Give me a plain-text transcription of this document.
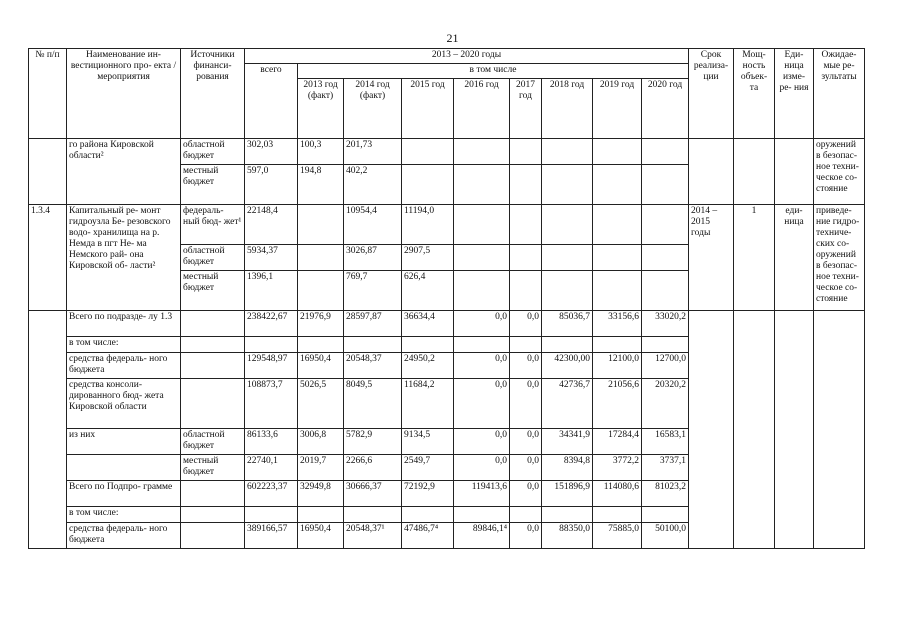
21
№ п/п	Наименование ин- вестиционного про- екта / мероприятия	Источники финанси- рования	2013 – 2020 годы									Срок реализа- ции	Мощ- ность объек- та	Еди- ница изме- ре- ния	Ожидае- мые ре- зультаты
			всего	в том числе											
				2013 год (факт)	2014 год (факт)	2015 год	2016 год	2017 год	2018 год	2019 год	2020 год				
	го района Кировской области²	областной бюджет	302,03	100,3	201,73										оружений в безопас- ное техни- ческое со- стояние
		местный бюджет	597,0	194,8	402,2										
1.3.4	Капитальный ре- монт гидроузла Бе- резовского водо- хранилища на р. Немда в пгт Не- ма Немского рай- она Кировской об- ласти²	федераль- ный бюд- жет¹	22148,4		10954,4	11194,0						2014 – 2015 годы	1	еди- ница	приведе- ние гидро- техниче- ских со- оружений в безопас- ное техни- ческое со- стояние
		областной бюджет	5934,37		3026,87	2907,5									
		местный бюджет	1396,1		769,7	626,4									
	Всего по подразде- лу 1.3		238422,67	21976,9	28597,87	36634,4	0,0	0,0	85036,7	33156,6	33020,2				
	в том числе:														
	средства федераль- ного бюджета		129548,97	16950,4	20548,37	24950,2	0,0	0,0	42300,00	12100,0	12700,0				
	средства консоли- дированного бюд- жета Кировской области		108873,7	5026,5	8049,5	11684,2	0,0	0,0	42736,7	21056,6	20320,2				
	из них	областной бюджет	86133,6	3006,8	5782,9	9134,5	0,0	0,0	34341,9	17284,4	16583,1				
		местный бюджет	22740,1	2019,7	2266,6	2549,7	0,0	0,0	8394,8	3772,2	3737,1				
	Всего по Подпро- грамме		602223,37	32949,8	30666,37	72192,9	119413,6	0,0	151896,9	114080,6	81023,2				
	в том числе:														
	средства федераль- ного бюджета		389166,57	16950,4	20548,37¹	47486,7⁴	89846,1⁴	0,0	88350,0	75885,0	50100,0				
